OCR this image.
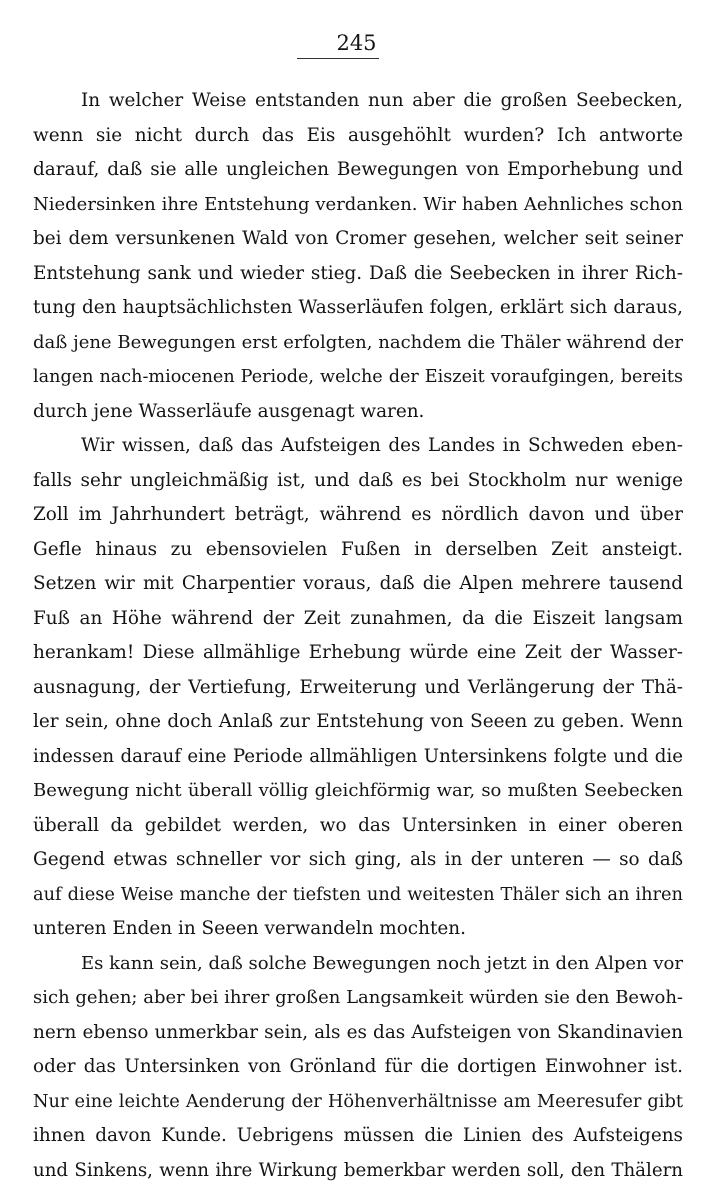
245
In welcher Weise entstanden nun aber die großen Seebecken,
wenn sie nicht durch das Eis ausgehöhlt wurden? Ich antworte
darauf, daß sie alle ungleichen Bewegungen von Emporhebung und
Niedersinken ihre Entstehung verdanken. Wir haben Aehnliches schon
bei dem versunkenen Wald von Cromer gesehen, welcher seit seiner
Entstehung sank und wieder stieg. Daß die Seebecken in ihrer Rich-
tung den hauptsächlichsten Wasserläufen folgen, erklärt sich daraus,
daß jene Bewegungen erst erfolgten, nachdem die Thäler während der
langen nach-miocenen Periode, welche der Eiszeit voraufgingen, bereits
durch jene Wasserläufe ausgenagt waren.
Wir wissen, daß das Aufsteigen des Landes in Schweden eben-
falls sehr ungleichmäßig ist, und daß es bei Stockholm nur wenige
Zoll im Jahrhundert beträgt, während es nördlich davon und über
Gefle hinaus zu ebensovielen Fußen in derselben Zeit ansteigt.
Setzen wir mit Charpentier voraus, daß die Alpen mehrere tausend
Fuß an Höhe während der Zeit zunahmen, da die Eiszeit langsam
herankam! Diese allmählige Erhebung würde eine Zeit der Wasser-
ausnagung, der Vertiefung, Erweiterung und Verlängerung der Thä-
ler sein, ohne doch Anlaß zur Entstehung von Seeen zu geben. Wenn
indessen darauf eine Periode allmähligen Untersinkens folgte und die
Bewegung nicht überall völlig gleichförmig war, so mußten Seebecken
überall da gebildet werden, wo das Untersinken in einer oberen
Gegend etwas schneller vor sich ging, als in der unteren — so daß
auf diese Weise manche der tiefsten und weitesten Thäler sich an ihren
unteren Enden in Seeen verwandeln mochten.
Es kann sein, daß solche Bewegungen noch jetzt in den Alpen vor
sich gehen; aber bei ihrer großen Langsamkeit würden sie den Bewoh-
nern ebenso unmerkbar sein, als es das Aufsteigen von Skandinavien
oder das Untersinken von Grönland für die dortigen Einwohner ist.
Nur eine leichte Aenderung der Höhenverhältnisse am Meeresufer gibt
ihnen davon Kunde. Uebrigens müssen die Linien des Aufsteigens
und Sinkens, wenn ihre Wirkung bemerkbar werden soll, den Thälern
